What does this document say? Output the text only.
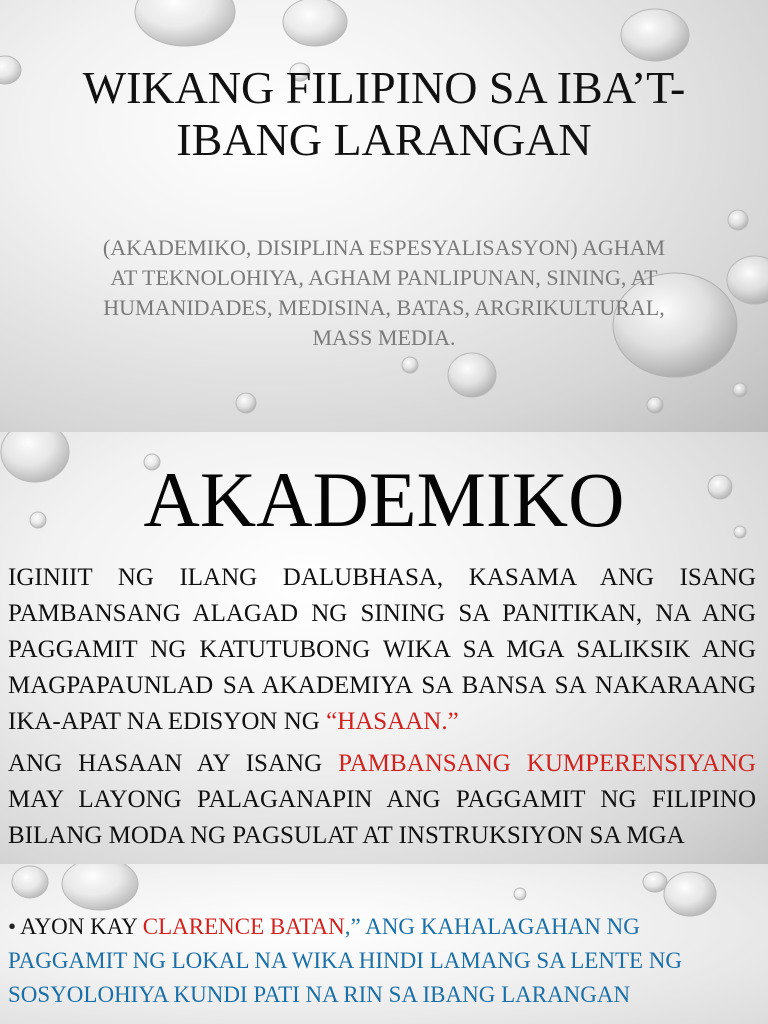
WIKANG FILIPINO SA IBA’T-IBANG LARANGAN

(AKADEMIKO, DISIPLINA ESPESYALISASYON) AGHAM AT TEKNOLOHIYA, AGHAM PANLIPUNAN, SINING, AT HUMANIDADES, MEDISINA, BATAS, ARGRIKULTURAL, MASS MEDIA.

AKADEMIKO

IGINIIT NG ILANG DALUBHASA, KASAMA ANG ISANG PAMBANSANG ALAGAD NG SINING SA PANITIKAN, NA ANG PAGGAMIT NG KATUTUBONG WIKA SA MGA SALIKSIK ANG MAGPAPAUNLAD SA AKADEMIYA SA BANSA SA NAKARAANG IKA-APAT NA EDISYON NG “HASAAN.”

ANG HASAAN AY ISANG PAMBANSANG KUMPERENSIYANG MAY LAYONG PALAGANAPIN ANG PAGGAMIT NG FILIPINO BILANG MODA NG PAGSULAT AT INSTRUKSIYON SA MGA

• AYON KAY CLARENCE BATAN,” ANG KAHALAGAHAN NG PAGGAMIT NG LOKAL NA WIKA HINDI LAMANG SA LENTE NG SOSYOLOHIYA KUNDI PATI NA RIN SA IBANG LARANGAN
